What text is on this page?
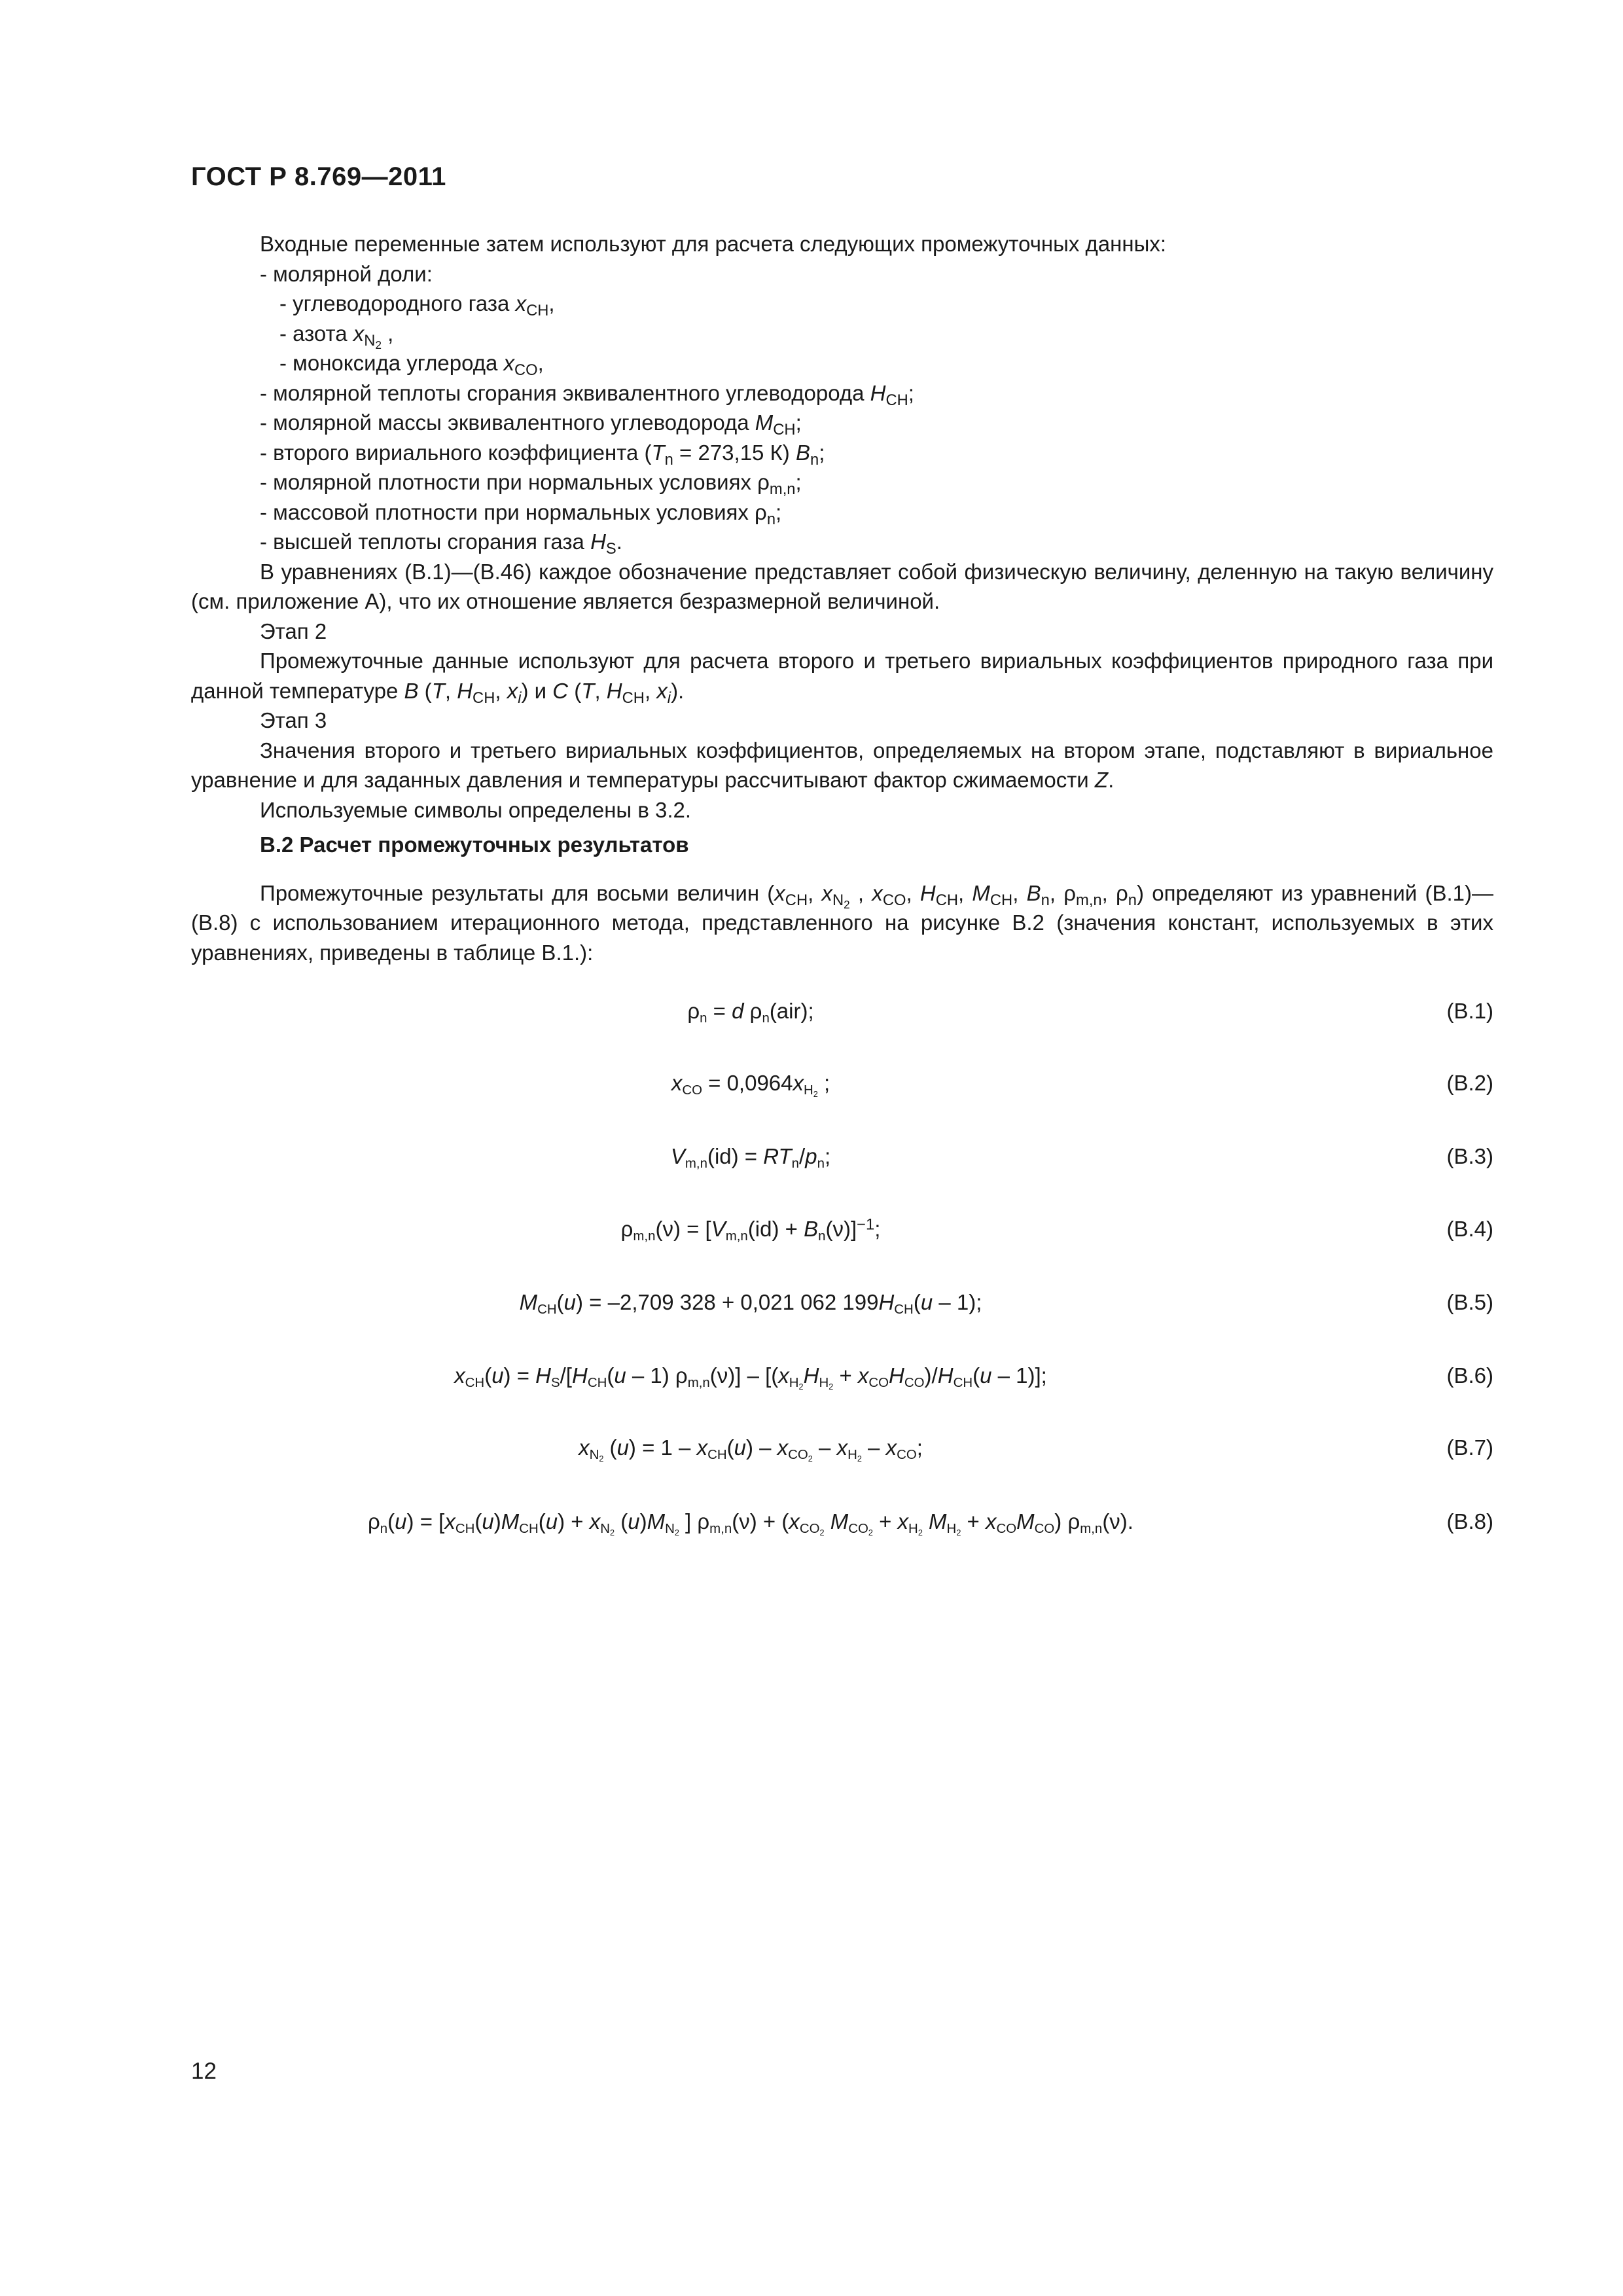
ГОСТ Р 8.769—2011

Входные переменные затем используют для расчета следующих промежуточных данных:

- молярной доли:

- углеводородного газа $x_{CH}$,

- азота $x_{N_2}$ ,

- моноксида углерода $x_{CO}$,

- молярной теплоты сгорания эквивалентного углеводорода $H_{CH}$;

- молярной массы эквивалентного углеводорода $M_{CH}$;

- второго вириального коэффициента ($T_n = 273,15$ К) $B_n$;

- молярной плотности при нормальных условиях $\rho_{m,n}$;

- массовой плотности при нормальных условиях $\rho_n$;

- высшей теплоты сгорания газа $H_S$.

В уравнениях (В.1)—(В.46) каждое обозначение представляет собой физическую величину, деленную на такую величину (см. приложение А), что их отношение является безразмерной величиной.

Этап 2

Промежуточные данные используют для расчета второго и третьего вириальных коэффициентов природного газа при данной температуре B (T, $H_{CH}$, $x_i$) и C (T, $H_{CH}$, $x_i$).

Этап 3

Значения второго и третьего вириальных коэффициентов, определяемых на втором этапе, подставляют в вириальное уравнение и для заданных давления и температуры рассчитывают фактор сжимаемости Z.

Используемые символы определены в 3.2.

В.2 Расчет промежуточных результатов

Промежуточные результаты для восьми величин ($x_{CH}$, $x_{N_2}$ , $x_{CO}$, $H_{CH}$, $M_{CH}$, $B_n$, $\rho_{m,n}$, $\rho_n$) определяют из уравнений (В.1)—(В.8) с использованием итерационного метода, представленного на рисунке В.2 (значения констант, используемых в этих уравнениях, приведены в таблице В.1.):

$\rho_n = d$ $\rho_n(air)$;	(В.1)
$x_{CO} = 0,0964x_{H_2}$ ;	(В.2)
$V_{m,n}(id) = RT_n/p_n$;	(В.3)
$\rho_{m,n}(\nu) = [V_{m,n}(id) + B_n(\nu)]^{-1}$;	(В.4)
$M_{CH}(u) = -2,709$ 328 + 0,021 062 $199H_{CH}(u - 1)$;	(В.5)
$x_{CH}(u) = H_S/[H_{CH}(u - 1)$ $\rho_{m,n}(\nu)] - [(x_{H_2}H_{H_2} + x_{CO}H_{CO})/H_{CH}(u - 1)]$;	(В.6)
$x_{N_2}$ $(u) = 1 - x_{CH}(u) - x_{CO_2} - x_{H_2} - x_{CO}$;	(В.7)
$\rho_n(u) = [x_{CH}(u)M_{CH}(u) + x_{N_2}$ $(u)M_{N_2}$ ] $\rho_{m,n}(\nu) + (x_{CO_2}$ $M_{CO_2} + x_{H_2}$ $M_{H_2} + x_{CO}M_{CO}$) $\rho_{m,n}(\nu)$.	(В.8)
12
